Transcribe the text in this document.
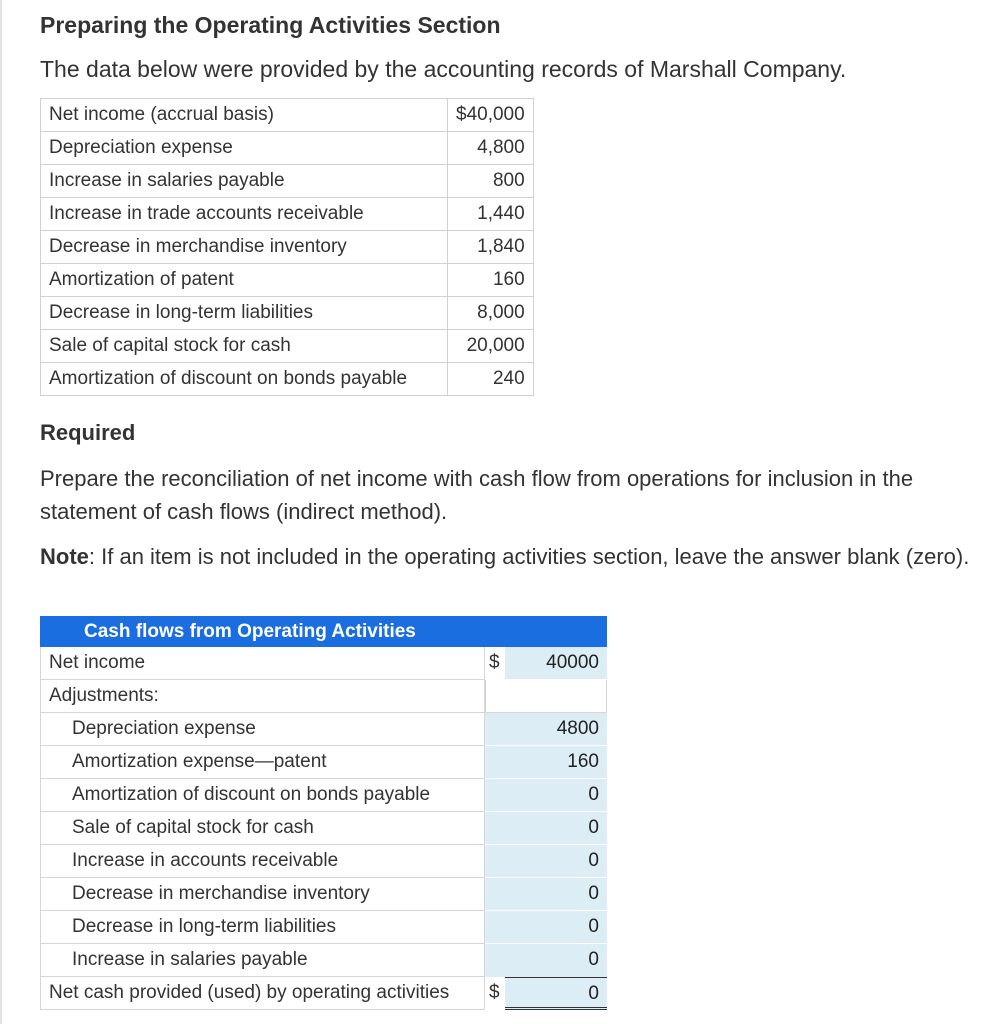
Preparing the Operating Activities Section
The data below were provided by the accounting records of Marshall Company.
Net income (accrual basis)	$40,000
Depreciation expense	4,800
Increase in salaries payable	800
Increase in trade accounts receivable	1,440
Decrease in merchandise inventory	1,840
Amortization of patent	160
Decrease in long-term liabilities	8,000
Sale of capital stock for cash	20,000
Amortization of discount on bonds payable	240
Required
Prepare the reconciliation of net income with cash flow from operations for inclusion in the statement of cash flows (indirect method).
Note: If an item is not included in the operating activities section, leave the answer blank (zero).
Cash flows from Operating Activities
Net income	$	40000
Adjustments:
Depreciation expense	4800
Amortization expense—patent	160
Amortization of discount on bonds payable	0
Sale of capital stock for cash	0
Increase in accounts receivable	0
Decrease in merchandise inventory	0
Decrease in long-term liabilities	0
Increase in salaries payable	0
Net cash provided (used) by operating activities	$	0
